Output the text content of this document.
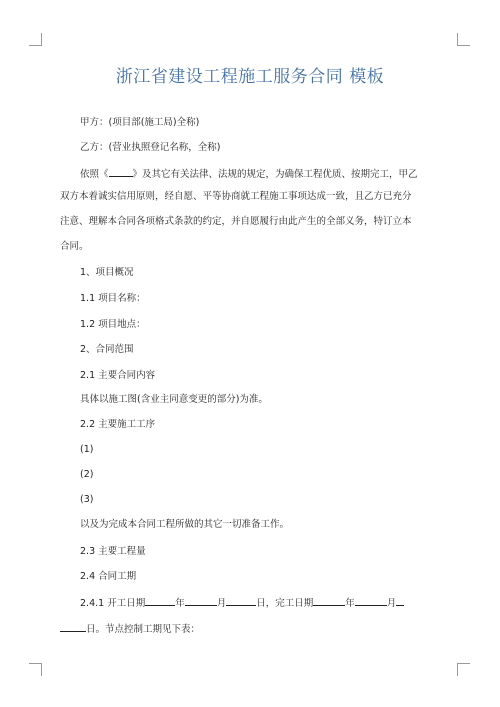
浙江省建设工程施工服务合同 模板
甲方：(项目部(施工局)全称)
乙方：(营业执照登记名称，全称)
依照《	》及其它有关法律、法规的规定，为确保工程优质、按期完工，甲乙
双方本着诚实信用原则，经自愿、平等协商就工程施工事项达成一致，且乙方已充分
注意、理解本合同各项格式条款的约定，并自愿履行由此产生的全部义务，特订立本
合同。
1、项目概况
1.1 项目名称：
1.2 项目地点：
2、合同范围
2.1 主要合同内容
具体以施工图(含业主同意变更的部分)为准。
2.2 主要施工工序
(1)
(2)
(3)
以及为完成本合同工程所做的其它一切准备工作。
2.3 主要工程量
2.4 合同工期
2.4.1 开工日期	年	月	日，完工日期	年	月
日。节点控制工期见下表：
